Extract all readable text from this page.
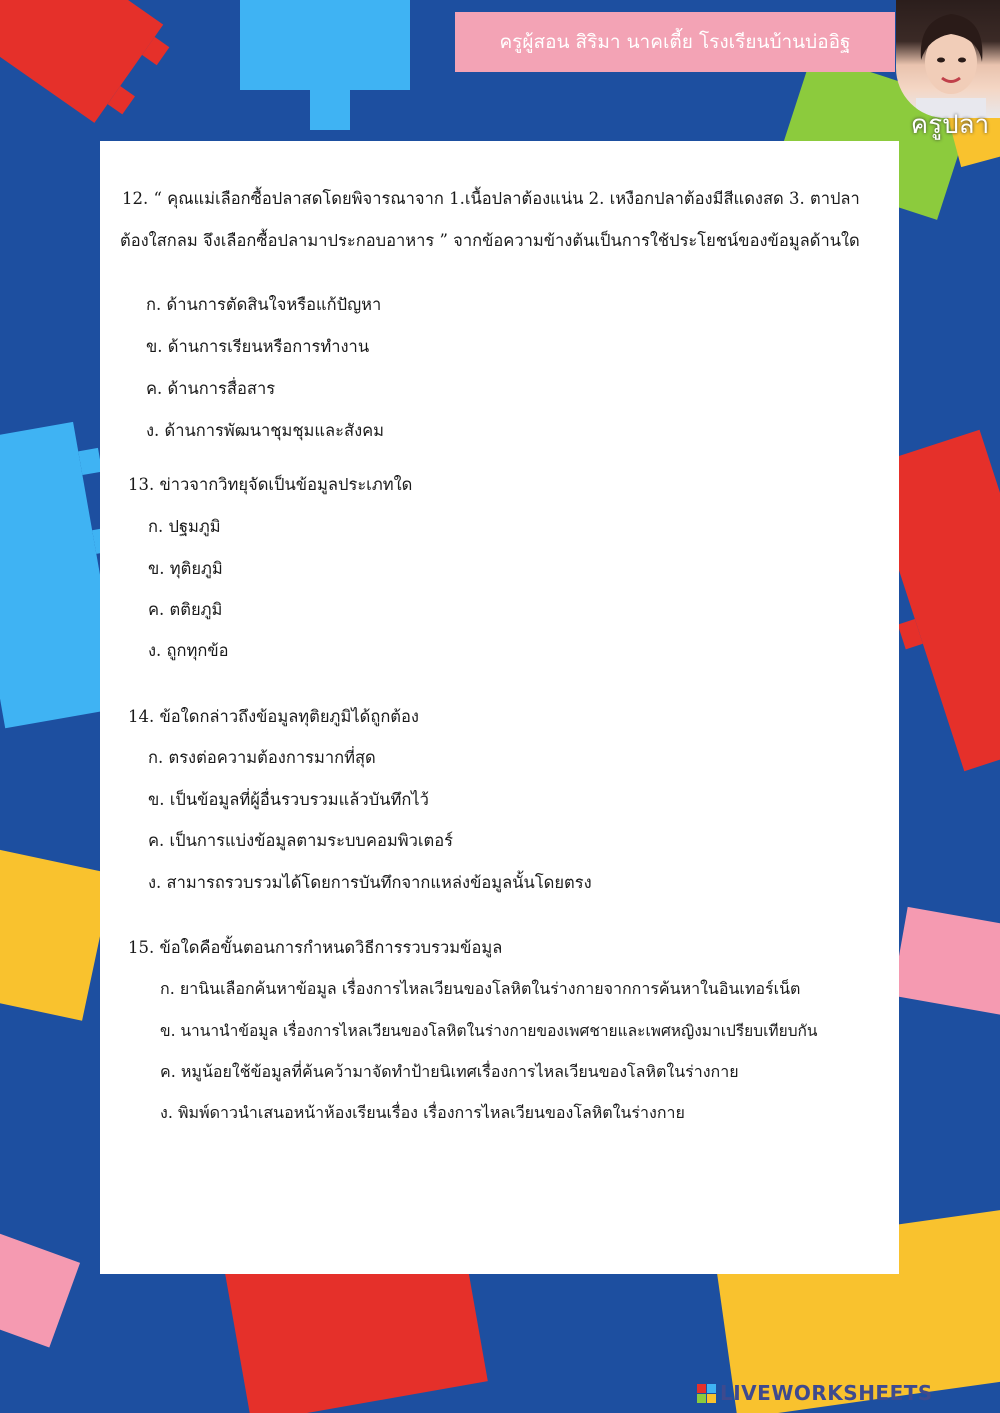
ครูผู้สอน สิริมา นาคเตี้ย โรงเรียนบ้านบ่ออิฐ
ครูปลา
12. “ คุณแม่เลือกซื้อปลาสดโดยพิจารณาจาก 1.เนื้อปลาต้องแน่น 2. เหงือกปลาต้องมีสีแดงสด 3. ตาปลา
ต้องใสกลม จึงเลือกซื้อปลามาประกอบอาหาร ” จากข้อความข้างต้นเป็นการใช้ประโยชน์ของข้อมูลด้านใด
ก. ด้านการตัดสินใจหรือแก้ปัญหา
ข. ด้านการเรียนหรือการทำงาน
ค. ด้านการสื่อสาร
ง. ด้านการพัฒนาชุมชุมและสังคม
13. ข่าวจากวิทยุจัดเป็นข้อมูลประเภทใด
ก. ปฐมภูมิ
ข. ทุติยภูมิ
ค. ตติยภูมิ
ง. ถูกทุกข้อ
14. ข้อใดกล่าวถึงข้อมูลทุติยภูมิได้ถูกต้อง
ก. ตรงต่อความต้องการมากที่สุด
ข. เป็นข้อมูลที่ผู้อื่นรวบรวมแล้วบันทึกไว้
ค. เป็นการแบ่งข้อมูลตามระบบคอมพิวเตอร์
ง. สามารถรวบรวมได้โดยการบันทึกจากแหล่งข้อมูลนั้นโดยตรง
15. ข้อใดคือขั้นตอนการกำหนดวิธีการรวบรวมข้อมูล
ก. ยานินเลือกค้นหาข้อมูล เรื่องการไหลเวียนของโลหิตในร่างกายจากการค้นหาในอินเทอร์เน็ต
ข. นานานำข้อมูล เรื่องการไหลเวียนของโลหิตในร่างกายของเพศชายและเพศหญิงมาเปรียบเทียบกัน
ค. หมูน้อยใช้ข้อมูลที่ค้นคว้ามาจัดทำป้ายนิเทศเรื่องการไหลเวียนของโลหิตในร่างกาย
ง. พิมพ์ดาวนำเสนอหน้าห้องเรียนเรื่อง เรื่องการไหลเวียนของโลหิตในร่างกาย
LIVEWORKSHEETS
